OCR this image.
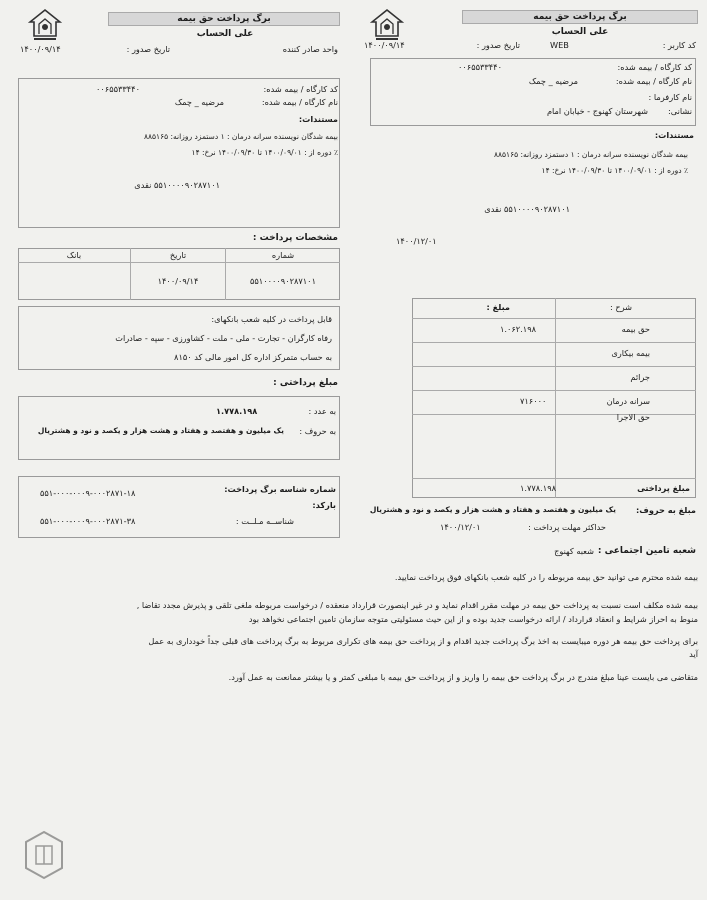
برگ پرداخت حق بیمه
علی الحساب
واحد صادر کننده
تاریخ صدور :
۱۴۰۰/۰۹/۱۴
کد کارگاه / بیمه شده:
۰۰۶۵۵۳۳۴۴۰
نام کارگاه / بیمه شده:
مرضیه _ چمک
مستندات:
بیمه شدگان نویسنده سرانه درمان : ۱ دستمزد روزانه: ۸۸۵۱۶۵
٪ دوره از : ۱۴۰۰/۰۹/۰۱ تا ۱۴۰۰/۰۹/۳۰ نرخ: ۱۴
۵۵۱۰۰۰۰۹۰۲۸۷۱۰۱ نقدی
مشخصات پرداخت :
شماره
تاریخ
بانک
۵۵۱۰۰۰۰۹۰۲۸۷۱۰۱
۱۴۰۰/۰۹/۱۴
قابل پرداخت در کلیه شعب بانکهای:
رفاه کارگران - تجارت - ملی - ملت - کشاورزی - سپه - صادرات
به حساب متمرکز اداره کل امور مالی کد ۸۱۵۰
مبلغ پرداختی :
به عدد :
۱.۷۷۸.۱۹۸
به حروف :
یک میلیون و هفتصد و هفتاد و هشت هزار و یکصد و نود و هشتریال
شماره شناسه برگ پرداخت:
۵۵۱-۰۰۰-۰۰۰۹-۰۰۰۲۸۷۱-۱۸
بارکد:
شناســه مـلــت :
۵۵۱-۰۰۰-۰۰۰۹-۰۰۰۲۸۷۱-۳۸
برگ پرداخت حق بیمه
علی الحساب
کد کاربر :
WEB
تاریخ صدور :
۱۴۰۰/۰۹/۱۴
کد کارگاه / بیمه شده:
۰۰۶۵۵۳۳۴۴۰
نام کارگاه / بیمه شده:
مرضیه _ چمک
نام کارفرما :
نشانی:
شهرستان کهنوج - خیابان امام
مستندات:
بیمه شدگان نویسنده سرانه درمان : ۱ دستمزد روزانه: ۸۸۵۱۶۵
٪ دوره از : ۱۴۰۰/۰۹/۰۱ تا ۱۴۰۰/۰۹/۳۰ نرخ: ۱۴
۵۵۱۰۰۰۰۹۰۲۸۷۱۰۱ نقدی
۱۴۰۰/۱۲/۰۱
شرح :
مبلغ :
حق بیمه
۱.۰۶۲.۱۹۸
بیمه بیکاری
جرائم
سرانه درمان
۷۱۶۰۰۰
حق الاجرا
مبلغ پرداختی
۱.۷۷۸.۱۹۸
مبلغ به حروف:
یک میلیون و هفتصد و هفتاد و هشت هزار و یکصد و نود و هشتریال
حداکثر مهلت پرداخت :
۱۴۰۰/۱۲/۰۱
شعبه تامین اجتماعی :
شعبه کهنوج
بیمه شده محترم می توانید حق بیمه مربوطه را در کلیه شعب بانکهای فوق پرداخت نمایید.
بیمه شده مکلف است نسبت به پرداخت حق بیمه در مهلت مقرر اقدام نماید و در غیر اینصورت قرارداد منعقده / درخواست مربوطه ملغی تلقی و پذیرش مجدد تقاضا ,
منوط به احراز شرایط و انعقاد قرارداد / ارائه درخواست جدید بوده و از این حیث مسئولیتی متوجه سازمان تامین اجتماعی نخواهد بود
برای پرداخت حق بیمه هر دوره میبایست به اخذ برگ پرداخت جدید اقدام و از پرداخت حق بیمه های تکراری مربوط به برگ پرداخت های قبلی جداً خودداری به عمل
آید
متقاضی می بایست عینا مبلغ مندرج در برگ پرداخت حق بیمه را واریز و از پرداخت حق بیمه با مبلغی کمتر و یا بیشتر ممانعت به عمل آورد.
